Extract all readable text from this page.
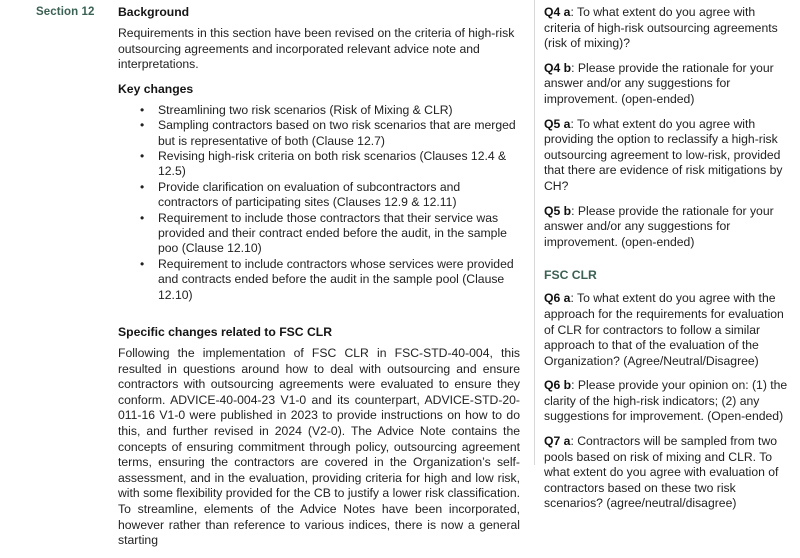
Section 12	Background

Requirements in this section have been revised on the criteria of high-risk outsourcing agreements and incorporated relevant advice note and interpretations.

Key changes
• Streamlining two risk scenarios (Risk of Mixing & CLR)
• Sampling contractors based on two risk scenarios that are merged but is representative of both (Clause 12.7)
• Revising high-risk criteria on both risk scenarios (Clauses 12.4 & 12.5)
• Provide clarification on evaluation of subcontractors and contractors of participating sites (Clauses 12.9 & 12.11)
• Requirement to include those contractors that their service was provided and their contract ended before the audit, in the sample poo (Clause 12.10)
• Requirement to include contractors whose services were provided and contracts ended before the audit in the sample pool (Clause 12.10)
Specific changes related to FSC CLR

Following the implementation of FSC CLR in FSC-STD-40-004, this resulted in questions around how to deal with outsourcing and ensure contractors with outsourcing agreements were evaluated to ensure they conform. ADVICE-40-004-23 V1-0 and its counterpart, ADVICE-STD-20-011-16 V1-0 were published in 2023 to provide instructions on how to do this, and further revised in 2024 (V2-0). The Advice Note contains the concepts of ensuring commitment through policy, outsourcing agreement terms, ensuring the contractors are covered in the Organization’s self-assessment, and in the evaluation, providing criteria for high and low risk, with some flexibility provided for the CB to justify a lower risk classification. To streamline, elements of the Advice Notes have been incorporated, however rather than reference to various indices, there is now a general starting

Q4 a: To what extent do you agree with criteria of high-risk outsourcing agreements (risk of mixing)?

Q4 b: Please provide the rationale for your answer and/or any suggestions for improvement. (open-ended)

Q5 a: To what extent do you agree with providing the option to reclassify a high-risk outsourcing agreement to low-risk, provided that there are evidence of risk mitigations by CH?

Q5 b: Please provide the rationale for your answer and/or any suggestions for improvement. (open-ended)

FSC CLR

Q6 a: To what extent do you agree with the approach for the requirements for evaluation of CLR for contractors to follow a similar approach to that of the evaluation of the Organization? (Agree/Neutral/Disagree)

Q6 b: Please provide your opinion on: (1) the clarity of the high-risk indicators; (2) any suggestions for improvement. (Open-ended)

Q7 a: Contractors will be sampled from two pools based on risk of mixing and CLR. To what extent do you agree with evaluation of contractors based on these two risk scenarios? (agree/neutral/disagree)
